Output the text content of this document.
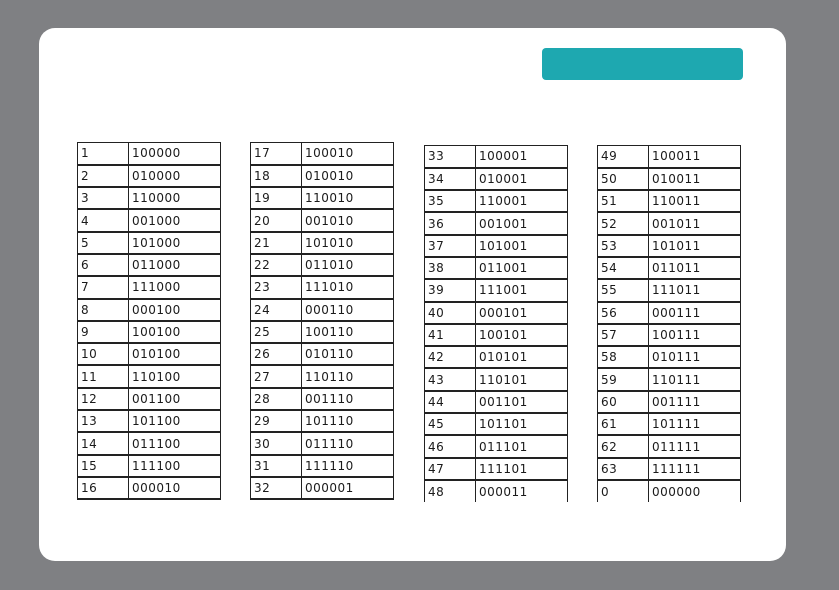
1	100000
2	010000
3	110000
4	001000
5	101000
6	011000
7	111000
8	000100
9	100100
10	010100
11	110100
12	001100
13	101100
14	011100
15	111100
16	000010
17	100010
18	010010
19	110010
20	001010
21	101010
22	011010
23	111010
24	000110
25	100110
26	010110
27	110110
28	001110
29	101110
30	011110
31	111110
32	000001
33	100001
34	010001
35	110001
36	001001
37	101001
38	011001
39	111001
40	000101
41	100101
42	010101
43	110101
44	001101
45	101101
46	011101
47	111101
48	000011
49	100011
50	010011
51	110011
52	001011
53	101011
54	011011
55	111011
56	000111
57	100111
58	010111
59	110111
60	001111
61	101111
62	011111
63	111111
0	000000
